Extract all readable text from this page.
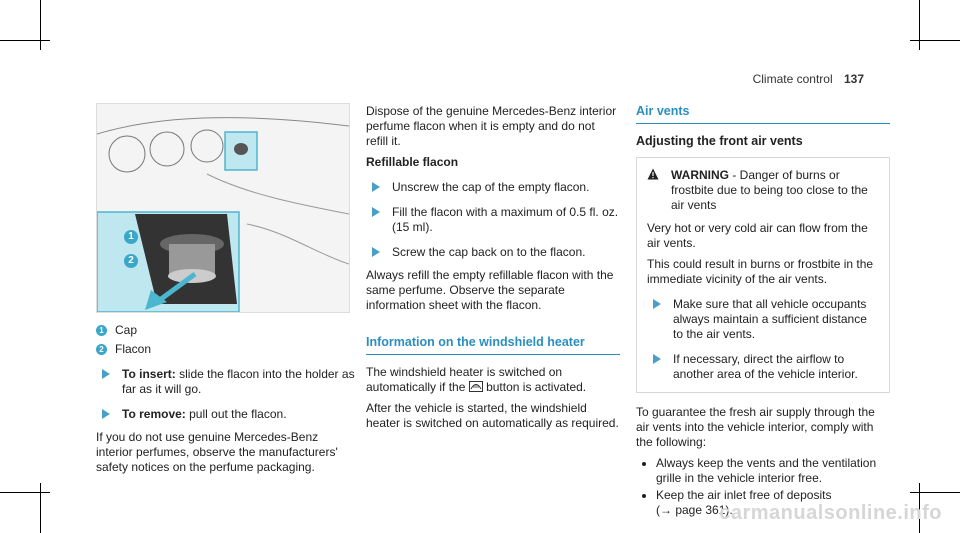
Climate control 137
1
2
1 Cap
2 Flacon
To insert: slide the flacon into the holder as far as it will go.
To remove: pull out the flacon.

If you do not use genuine Mercedes-Benz interior perfumes, observe the manufacturers' safety notices on the perfume packaging.

Dispose of the genuine Mercedes-Benz interior perfume flacon when it is empty and do not refill it.

Refillable flacon
Unscrew the cap of the empty flacon.
Fill the flacon with a maximum of 0.5 fl. oz. (15 ml).
Screw the cap back on to the flacon.

Always refill the empty refillable flacon with the same perfume. Observe the separate information sheet with the flacon.

Information on the windshield heater

The windshield heater is switched on automatically if the button is activated.

After the vehicle is started, the windshield heater is switched on automatically as required.

Air vents
Adjusting the front air vents
WARNING - Danger of burns or frostbite due to being too close to the air vents

Very hot or very cold air can flow from the air vents.

This could result in burns or frostbite in the immediate vicinity of the air vents.

Make sure that all vehicle occupants always maintain a sufficient distance to the air vents.
If necessary, direct the airflow to another area of the vehicle interior.

To guarantee the fresh air supply through the air vents into the vehicle interior, comply with the following:

Always keep the vents and the ventilation grille in the vehicle interior free.
Keep the air inlet free of deposits
(→ page 361).
carmanualsonline.info
